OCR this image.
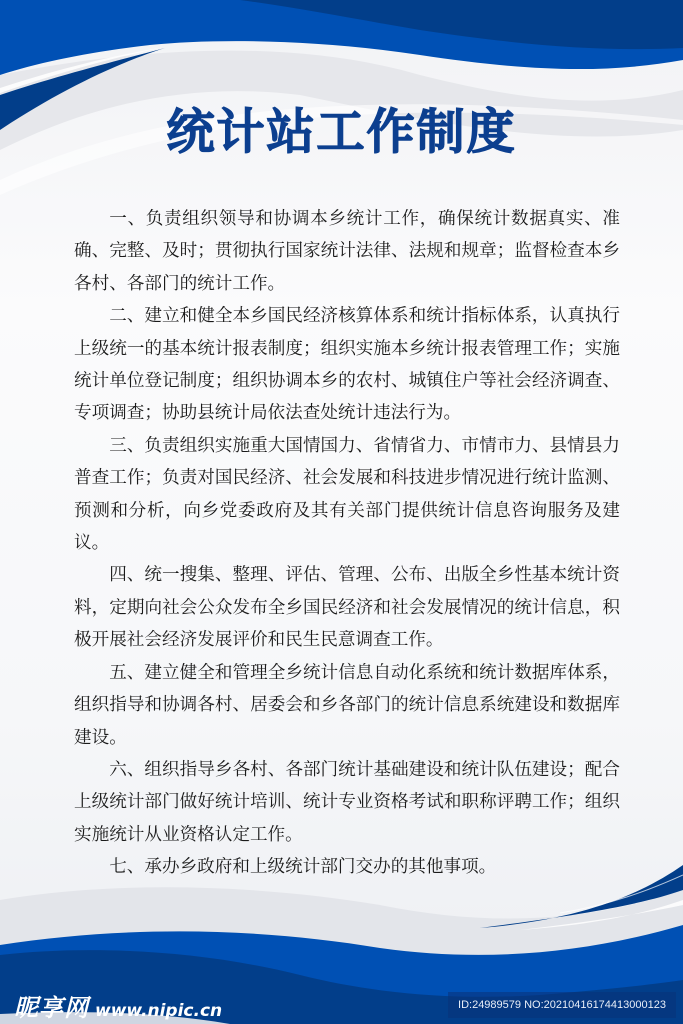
统计站工作制度

一、负责组织领导和协调本乡统计工作，确保统计数据真实、准确、完整、及时；贯彻执行国家统计法律、法规和规章；监督检查本乡各村、各部门的统计工作。

二、建立和健全本乡国民经济核算体系和统计指标体系，认真执行上级统一的基本统计报表制度；组织实施本乡统计报表管理工作；实施统计单位登记制度；组织协调本乡的农村、城镇住户等社会经济调查、专项调查；协助县统计局依法查处统计违法行为。

三、负责组织实施重大国情国力、省情省力、市情市力、县情县力普查工作；负责对国民经济、社会发展和科技进步情况进行统计监测、预测和分析，向乡党委政府及其有关部门提供统计信息咨询服务及建议。

四、统一搜集、整理、评估、管理、公布、出版全乡性基本统计资料，定期向社会公众发布全乡国民经济和社会发展情况的统计信息，积极开展社会经济发展评价和民生民意调查工作。

五、建立健全和管理全乡统计信息自动化系统和统计数据库体系，组织指导和协调各村、居委会和乡各部门的统计信息系统建设和数据库建设。

六、组织指导乡各村、各部门统计基础建设和统计队伍建设；配合上级统计部门做好统计培训、统计专业资格考试和职称评聘工作；组织实施统计从业资格认定工作。

七、承办乡政府和上级统计部门交办的其他事项。

昵享网 www.nipic.cn	ID:24989579 NO:20210416174413000123
